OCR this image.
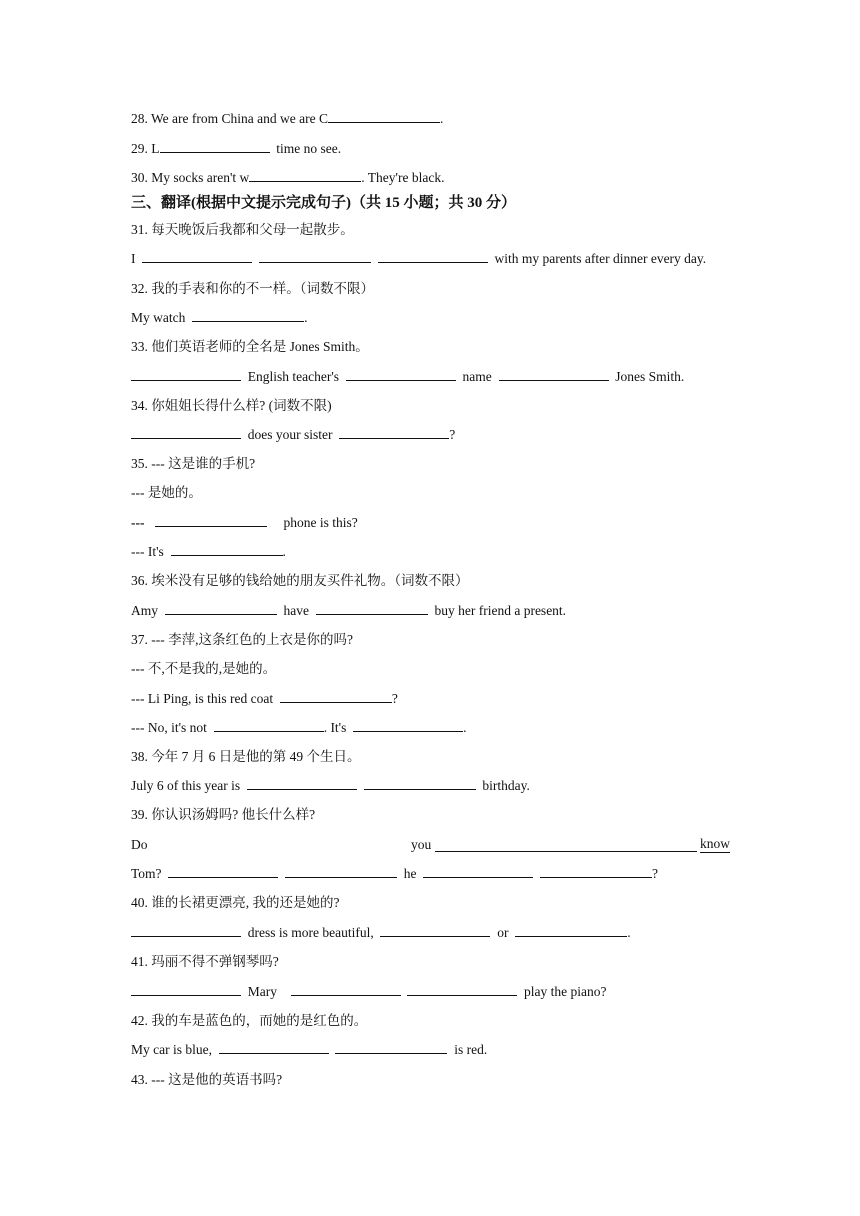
28. We are from China and we are C	.
29. L	time no see.
30. My socks aren't w	. They're black.
三、翻译(根据中文提示完成句子)（共 15 小题；共 30 分）
31. 每天晚饭后我都和父母一起散步。
I	with my parents after dinner every day.
32. 我的手表和你的不一样。（词数不限）
My watch	.
33. 他们英语老师的全名是 Jones Smith。
English teacher's	name	Jones Smith.
34. 你姐姐长得什么样? (词数不限)
does your sister	?
35. --- 这是谁的手机?
--- 是她的。
---	phone is this?
--- It's	.
36. 埃米没有足够的钱给她的朋友买件礼物。（词数不限）
Amy	have	buy her friend a present.
37. --- 李萍,这条红色的上衣是你的吗?
--- 不,不是我的,是她的。
--- Li Ping, is this red coat	?
--- No, it's not	. It's	.
38. 今年 7 月 6 日是他的第 49 个生日。
July 6 of this year is	birthday.
39. 你认识汤姆吗? 他长什么样?
Do	you	know
Tom?	he	?
40. 谁的长裙更漂亮, 我的还是她的?
dress is more beautiful,	or	.
41. 玛丽不得不弹钢琴吗?
Mary	play the piano?
42. 我的车是蓝色的，而她的是红色的。
My car is blue,	is red.
43. --- 这是他的英语书吗?
